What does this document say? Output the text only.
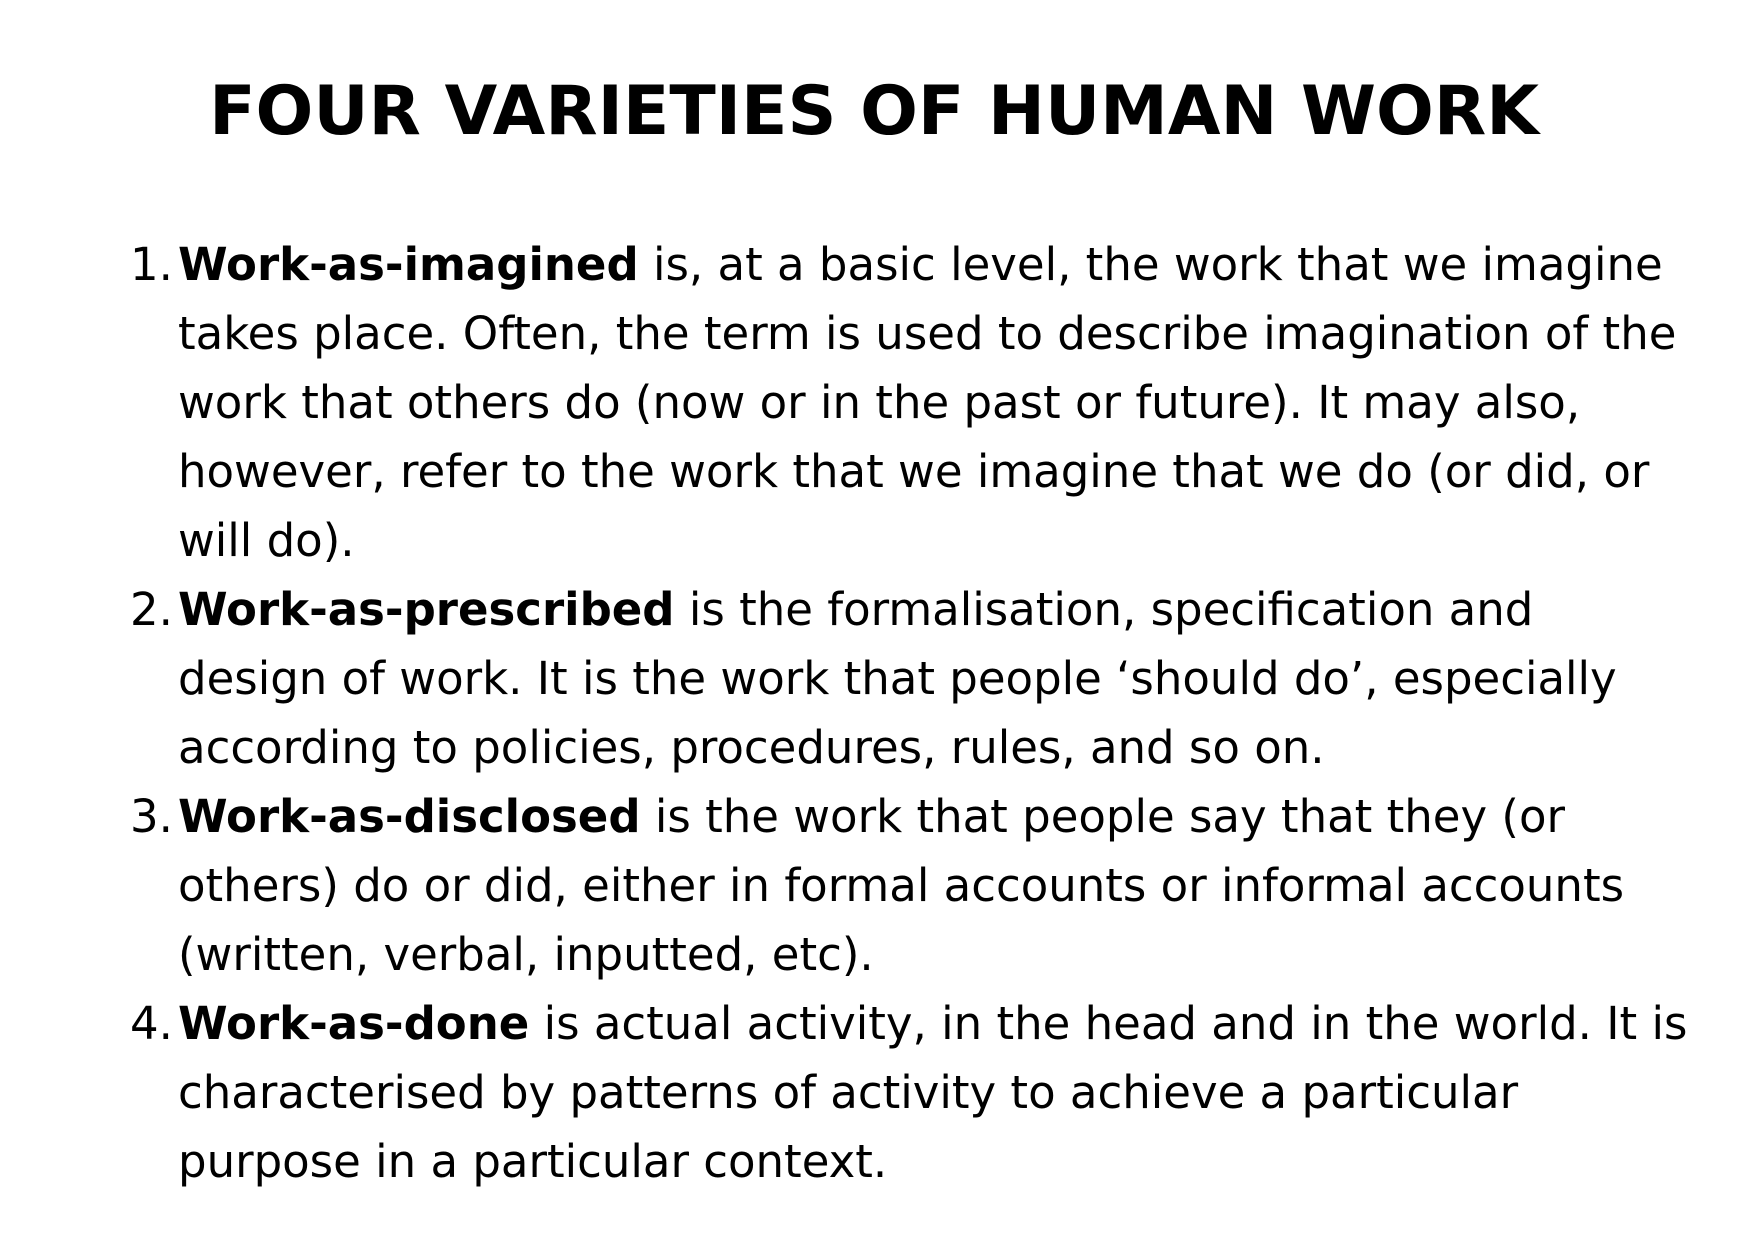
FOUR VARIETIES OF HUMAN WORK
1. Work-as-imagined is, at a basic level, the work that we imagine takes place. Often, the term is used to describe imagination of the work that others do (now or in the past or future). It may also, however, refer to the work that we imagine that we do (or did, or will do).
2. Work-as-prescribed is the formalisation, specification and design of work. It is the work that people ‘should do’, especially according to policies, procedures, rules, and so on.
3. Work-as-disclosed is the work that people say that they (or others) do or did, either in formal accounts or informal accounts (written, verbal, inputted, etc).
4. Work-as-done is actual activity, in the head and in the world. It is characterised by patterns of activity to achieve a particular purpose in a particular context.
